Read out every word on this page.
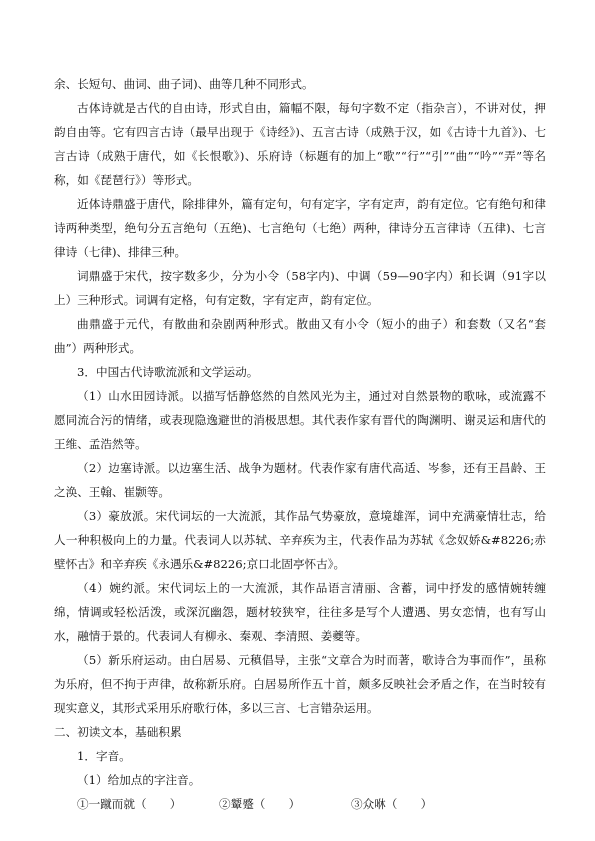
余、长短句、曲词、曲子词)、曲等几种不同形式。

古体诗就是古代的自由诗，形式自由，篇幅不限，每句字数不定（指杂言），不讲对仗，押韵自由等。它有四言古诗（最早出现于《诗经》)、五言古诗（成熟于汉，如《古诗十九首》)、七言古诗（成熟于唐代，如《长恨歌》)、乐府诗（标题有的加上“歌”“行”“引”“曲”“吟”“弄”等名称，如《琵琶行》）等形式。

近体诗鼎盛于唐代，除排律外，篇有定句，句有定字，字有定声，韵有定位。它有绝句和律诗两种类型，绝句分五言绝句（五绝)、七言绝句（七绝）两种，律诗分五言律诗（五律)、七言律诗（七律)、排律三种。

词鼎盛于宋代，按字数多少，分为小令（58字内)、中调（59—90字内）和长调（91字以上）三种形式。词调有定格，句有定数，字有定声，韵有定位。

曲鼎盛于元代，有散曲和杂剧两种形式。散曲又有小令（短小的曲子）和套数（又名“套曲”）两种形式。

3．中国古代诗歌流派和文学运动。

（1）山水田园诗派。以描写恬静悠然的自然风光为主，通过对自然景物的歌咏，或流露不愿同流合污的情绪，或表现隐逸避世的消极思想。其代表作家有晋代的陶渊明、谢灵运和唐代的王维、孟浩然等。

（2）边塞诗派。以边塞生活、战争为题材。代表作家有唐代高适、岑参，还有王昌龄、王之涣、王翰、崔颢等。

（3）豪放派。宋代词坛的一大流派，其作品气势豪放，意境雄浑，词中充满豪情壮志，给人一种积极向上的力量。代表词人以苏轼、辛弃疾为主，代表作品为苏轼《念奴娇&#8226;赤壁怀古》和辛弃疾《永遇乐&#8226;京口北固亭怀古》。

（4）婉约派。宋代词坛上的一大流派，其作品语言清丽、含蓄，词中抒发的感情婉转缠绵，情调或轻松活泼，或深沉幽怨，题材较狭窄，往往多是写个人遭遇、男女恋情，也有写山水，融情于景的。代表词人有柳永、秦观、李清照、姜夔等。

（5）新乐府运动。由白居易、元稹倡导，主张“文章合为时而著，歌诗合为事而作”，虽称为乐府，但不拘于声律，故称新乐府。白居易所作五十首，颇多反映社会矛盾之作，在当时较有现实意义，其形式采用乐府歌行体，多以三言、七言错杂运用。

二、初读文本，基础积累

1．字音。

（1）给加点的字注音。

①一蹴而就（　　）	②颦蹙（　　）	③众咻（　　）
